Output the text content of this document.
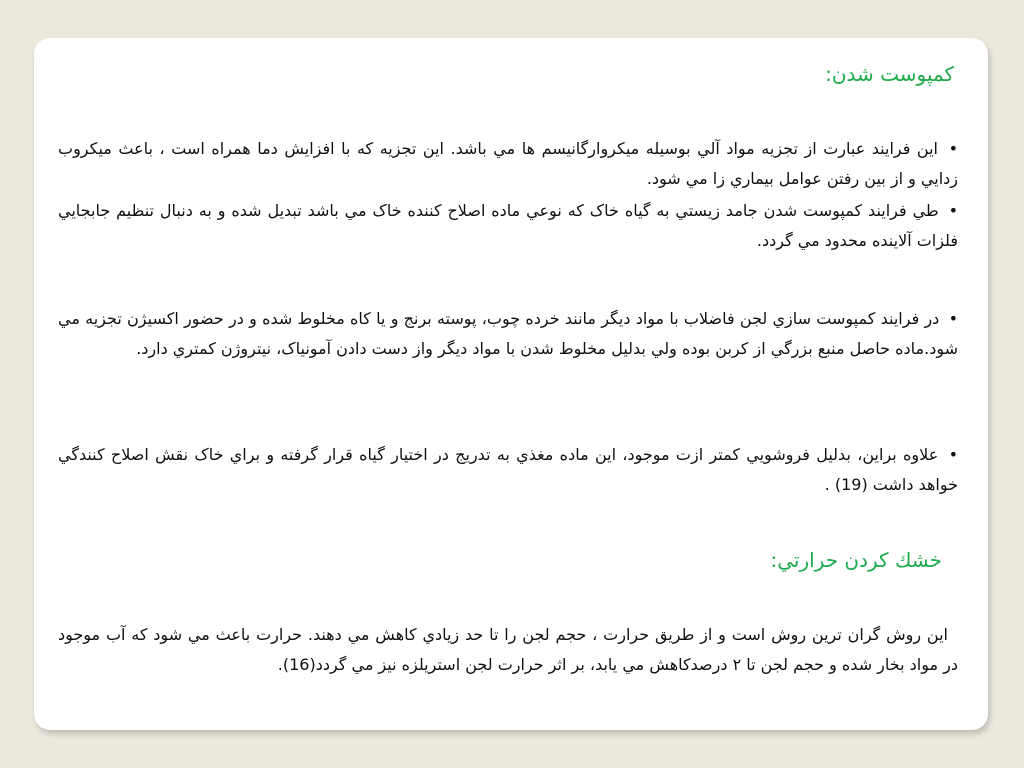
کمپوست شدن:

• اين فرايند عبارت از تجزيه مواد آلي بوسيله ميکروارگانيسم ها مي باشد. اين تجزيه که با افزايش دما همراه است ، باعث ميکروب زدايي و از بين رفتن عوامل بيماري زا مي شود.

• طي فرايند کمپوست شدن جامد زيستي به گياه خاک که نوعي ماده اصلاح کننده خاک مي باشد تبديل شده و به دنبال تنظيم جابجايي فلزات آلاينده محدود مي گردد.

• در فرايند کمپوست سازي لجن فاضلاب با مواد ديگر مانند خرده چوب، پوسته برنج و يا کاه مخلوط شده و در حضور اکسيژن تجزيه مي شود.ماده حاصل منبع بزرگي از کربن بوده ولي بدليل مخلوط شدن با مواد ديگر واز دست دادن آمونياک، نيتروژن کمتري دارد.

• علاوه براين، بدليل فروشويي کمتر ازت موجود، اين ماده مغذي به تدريج در اختيار گياه قرار گرفته و براي خاک نقش اصلاح کنندگي خواهد داشت (19) .

خشك كردن حرارتي:

اين روش گران ترين روش است و از طريق حرارت ، حجم لجن را تا حد زيادي کاهش مي دهند. حرارت باعث مي شود که آب موجود در مواد بخار شده و حجم لجن تا ۲ درصدکاهش مي يابد، بر اثر حرارت لجن استريلزه نيز مي گردد(16).
